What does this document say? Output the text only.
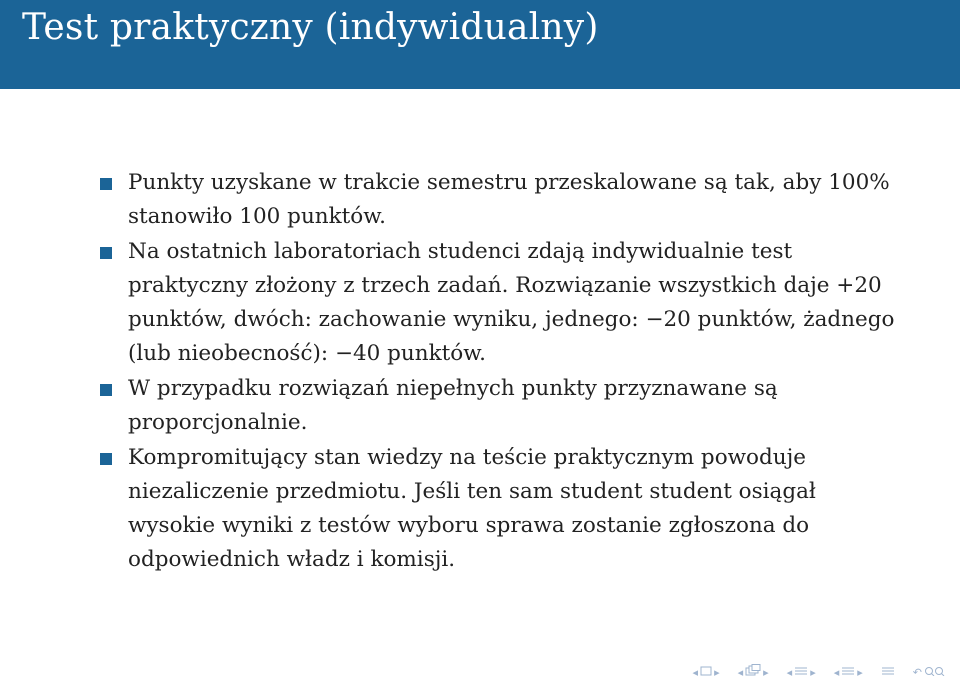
Test praktyczny (indywidualny)
Punkty uzyskane w trakcie semestru przeskalowane są tak, aby 100% stanowiło 100 punktów.
Na ostatnich laboratoriach studenci zdają indywidualnie test praktyczny złożony z trzech zadań. Rozwiązanie wszystkich daje +20 punktów, dwóch: zachowanie wyniku, jednego: −20 punktów, żadnego (lub nieobecność): −40 punktów.
W przypadku rozwiązań niepełnych punkty przyznawane są proporcjonalnie.
Kompromitujący stan wiedzy na teście praktycznym powoduje niezaliczenie przedmiotu. Jeśli ten sam student student osiągał wysokie wyniki z testów wyboru sprawa zostanie zgłoszona do odpowiednich władz i komisji.
◂ ▸ ◂ ▸ ◂ ▸ ◂ ▸	↶
